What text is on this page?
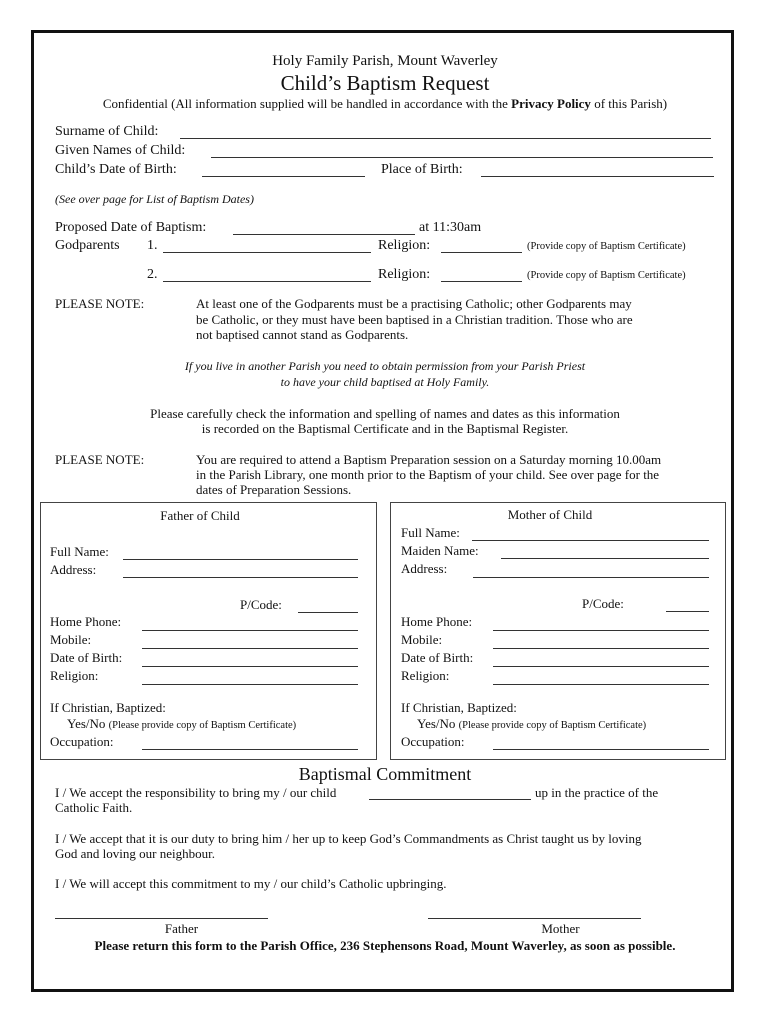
Holy Family Parish, Mount Waverley
Child’s Baptism Request
Confidential (All information supplied will be handled in accordance with the Privacy Policy of this Parish)
Surname of Child:
Given Names of Child:
Child’s Date of Birth:	Place of Birth:
(See over page for List of Baptism Dates)
Proposed Date of Baptism:	at 11:30am
Godparents 1.	Religion:	(Provide copy of Baptism Certificate)
2.	Religion:	(Provide copy of Baptism Certificate)
PLEASE NOTE:	At least one of the Godparents must be a practising Catholic; other Godparents may
be Catholic, or they must have been baptised in a Christian tradition. Those who are
not baptised cannot stand as Godparents.
If you live in another Parish you need to obtain permission from your Parish Priest
to have your child baptised at Holy Family.
Please carefully check the information and spelling of names and dates as this information
is recorded on the Baptismal Certificate and in the Baptismal Register.
PLEASE NOTE:	You are required to attend a Baptism Preparation session on a Saturday morning 10.00am
in the Parish Library, one month prior to the Baptism of your child. See over page for the
dates of Preparation Sessions.
Father of Child
Full Name:
Address:
P/Code:
Home Phone:
Mobile:
Date of Birth:
Religion:
If Christian, Baptized:
Yes/No (Please provide copy of Baptism Certificate)
Occupation:
Mother of Child
Full Name:
Maiden Name:
Address:
P/Code:
Home Phone:
Mobile:
Date of Birth:
Religion:
If Christian, Baptized:
Yes/No (Please provide copy of Baptism Certificate)
Occupation:
Baptismal Commitment
I / We accept the responsibility to bring my / our child	up in the practice of the
Catholic Faith.
I / We accept that it is our duty to bring him / her up to keep God’s Commandments as Christ taught us by loving
God and loving our neighbour.
I / We will accept this commitment to my / our child’s Catholic upbringing.
Father	Mother
Please return this form to the Parish Office, 236 Stephensons Road, Mount Waverley, as soon as possible.
